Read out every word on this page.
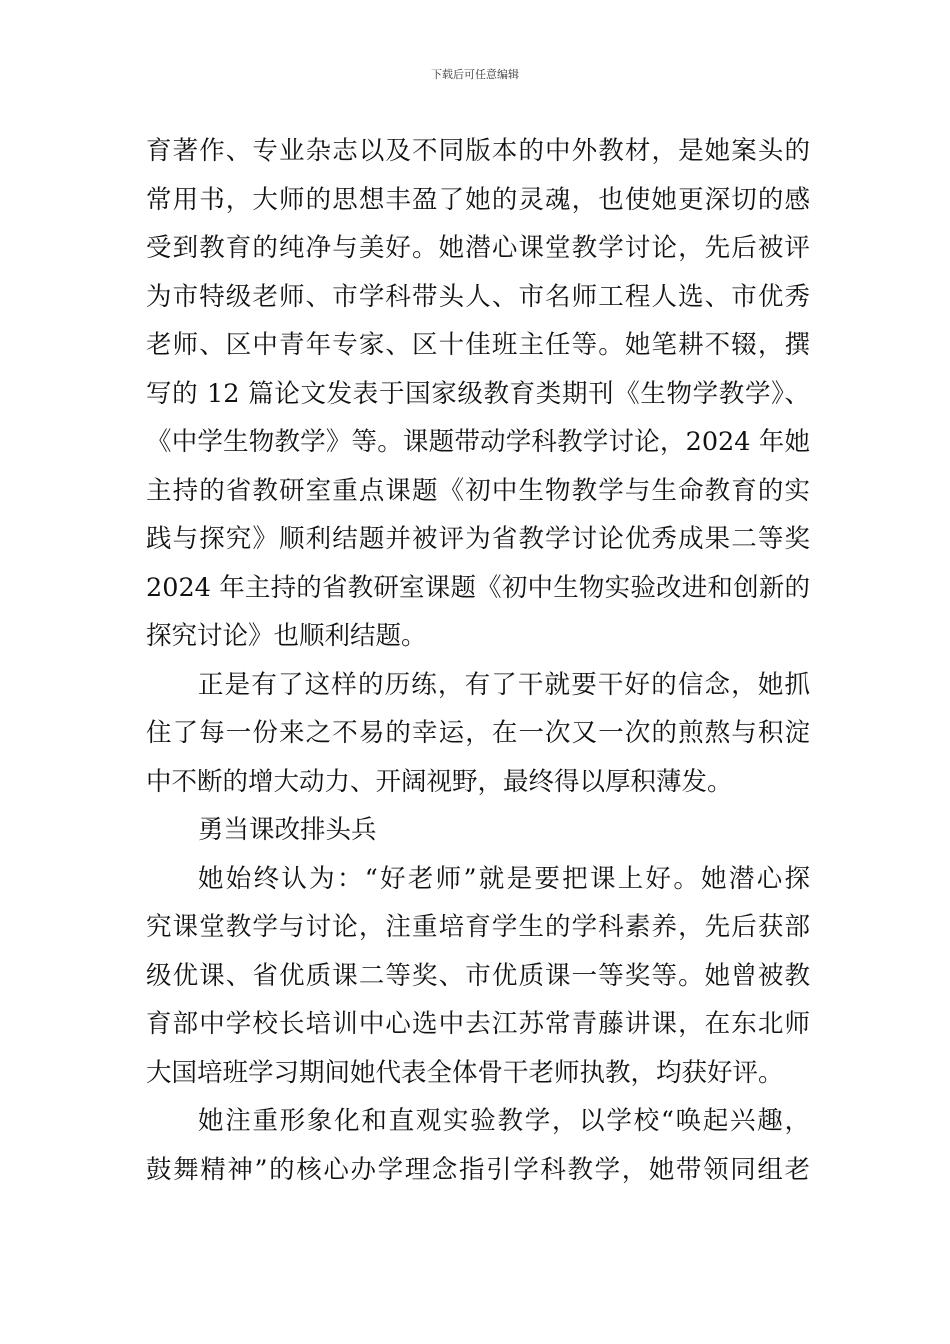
下载后可任意编辑
育著作、专业杂志以及不同版本的中外教材，是她案头的
常用书，大师的思想丰盈了她的灵魂，也使她更深切的感
受到教育的纯净与美好。她潜心课堂教学讨论，先后被评
为市特级老师、市学科带头人、市名师工程人选、市优秀
老师、区中青年专家、区十佳班主任等。她笔耕不辍，撰
写的 12 篇论文发表于国家级教育类期刊《生物学教学》、
《中学生物教学》等。课题带动学科教学讨论，2024 年她
主持的省教研室重点课题《初中生物教学与生命教育的实
践与探究》顺利结题并被评为省教学讨论优秀成果二等奖
2024 年主持的省教研室课题《初中生物实验改进和创新的
探究讨论》也顺利结题。
正是有了这样的历练，有了干就要干好的信念，她抓
住了每一份来之不易的幸运，在一次又一次的煎熬与积淀
中不断的增大动力、开阔视野，最终得以厚积薄发。
勇当课改排头兵
她始终认为：“好老师”就是要把课上好。她潜心探
究课堂教学与讨论，注重培育学生的学科素养，先后获部
级优课、省优质课二等奖、市优质课一等奖等。她曾被教
育部中学校长培训中心选中去江苏常青藤讲课，在东北师
大国培班学习期间她代表全体骨干老师执教，均获好评。
她注重形象化和直观实验教学，以学校“唤起兴趣，
鼓舞精神”的核心办学理念指引学科教学，她带领同组老
